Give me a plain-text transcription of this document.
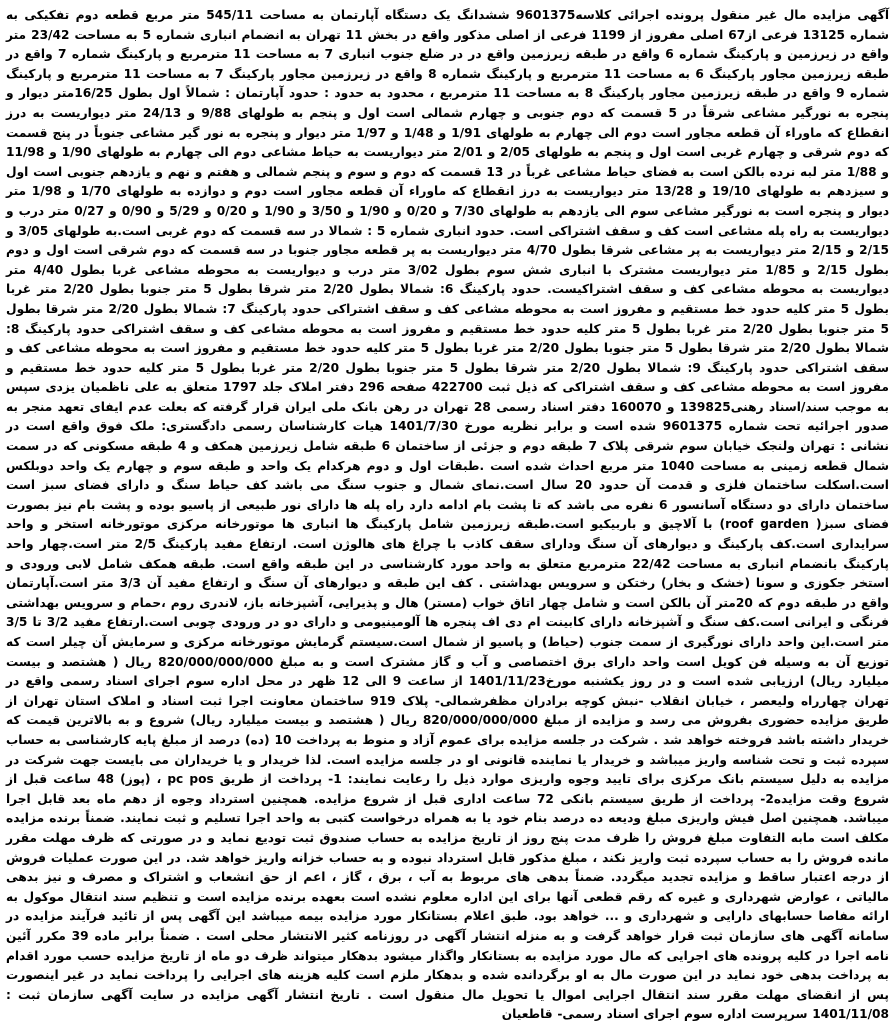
آگهی مزایده مال غیر منقول پرونده اجرائی کلاسه9601375 ششدانگ یک دستگاه آپارتمان به مساحت 545/11 متر مربع قطعه دوم تفکیکی به شماره 13125 فرعی از67 اصلی مفروز از 1199 فرعی از اصلی مذکور واقع در بخش 11 تهران به انضمام انباری شماره 5 به مساحت 23/42 متر واقع در زیرزمین و پارکینگ شماره 6 واقع در طبقه زیرزمین واقع در در ضلع جنوب انباری 7 به مساحت 11 مترمربع و پارکینگ شماره 7 واقع در طبقه زیرزمین مجاور پارکینگ 6 به مساحت 11 مترمربع و پارکینگ شماره 8 واقع در زیرزمین مجاور پارکینگ 7 به مساحت 11 مترمربع و پارکینگ شماره 9 واقع در طبقه زیرزمین مجاور پارکینگ 8 به مساحت 11 مترمربع ، محدود به حدود : حدود آپارتمان : شمالاً اول بطول 16/25متر دیوار و پنجره به نورگیر مشاعی شرقاً در 5 قسمت که دوم جنوبی و چهارم شمالی است اول و پنجم به طولهای 9/88 و 24/13 متر دیواریست به درز انقطاع که ماوراء آن قطعه مجاور است دوم الی چهارم به طولهای 1/91 و 1/48 و 1/97 متر دیوار و پنجره به نور گیر مشاعی جنوباً در پنج قسمت که دوم شرقی و چهارم غربی است اول و پنجم به طولهای 2/05 و 2/01 متر دیواریست به حیاط مشاعی دوم الی چهارم به طولهای 1/90 و 11/98 و 1/88 متر لبه نرده بالکن است به فضای حیاط مشاعی غرباً در 13 قسمت که دوم و سوم و پنجم شمالی و هفتم و نهم و یازدهم جنوبی است اول و سیزدهم به طولهای 19/10 و 13/28 متر دیواریست به درز انقطاع که ماوراء آن قطعه مجاور است دوم و دوازده به طولهای 1/70 و 1/98 متر دیوار و پنجره است به نورگیر مشاعی سوم الی یازدهم به طولهای 7/30 و 0/20 و 1/90 و 3/50 و 1/90 و 0/20 و 5/29 و 0/90 و 0/27 متر درب و دیواریست به راه پله مشاعی است کف و سقف اشتراکی است. حدود انباری شماره 5 : شمالا در سه قسمت که دوم غربی است.به طولهای 3/05 و 2/15 و 2/15 متر دیواریست به پر مشاعی شرقا بطول 4/70 متر دیواریست به پر قطعه مجاور جنوبا در سه قسمت که دوم شرقی است اول و دوم بطول 2/15 و 1/85 متر دیواریست مشترک با انباری شش سوم بطول 3/02 متر درب و دیواریست به محوطه مشاعی غربا بطول 4/40 متر دیواریست به محوطه مشاعی کف و سقف اشتراکیست. حدود پارکینگ 6: شمالا بطول 2/20 متر شرقا بطول 5 متر جنوبا بطول 2/20 متر غربا بطول 5 متر کلیه حدود خط مستقیم و مفروز است به محوطه مشاعی کف و سقف اشتراکی حدود پارکینگ 7: شمالا بطول 2/20 متر شرقا بطول 5 متر جنوبا بطول 2/20 متر غربا بطول 5 متر کلیه حدود خط مستقیم و مفروز است به محوطه مشاعی کف و سقف اشتراکی حدود پارکینگ 8: شمالا بطول 2/20 متر شرقا بطول 5 متر جنوبا بطول 2/20 متر غربا بطول 5 متر کلیه حدود خط مستقیم و مفروز است به محوطه مشاعی کف و سقف اشتراکی حدود پارکینگ 9: شمالا بطول 2/20 متر شرقا بطول 5 متر جنوبا بطول 2/20 متر غربا بطول 5 متر کلیه حدود خط مستقیم و مفروز است به محوطه مشاعی کف و سقف اشتراکی که ذیل ثبت 422700 صفحه 296 دفتر املاک جلد 1797 متعلق به علی ناظمیان یزدی سپس به موجب سند/اسناد رهنی139825 و 160070 دفتر اسناد رسمی 28 تهران در رهن بانک ملی ایران قرار گرفته که بعلت عدم ایفای تعهد منجر به صدور اجرائیه تحت شماره 9601375 شده است و برابر نظریه مورخ 1401/7/30 هیات کارشناسان رسمی دادگستری: ملک فوق واقع است در نشانی : تهران ولنجک خیابان سوم شرقی پلاک 7 طبقه دوم و جزئی از ساختمان 6 طبقه شامل زیرزمین همکف و 4 طبقه مسکونی که در سمت شمال قطعه زمینی به مساحت 1040 متر مربع احداث شده است .طبقات اول و دوم هرکدام یک واحد و طبقه سوم و چهارم یک واحد دوبلکس است.اسکلت ساختمان فلزی و قدمت آن حدود 20 سال است.نمای شمال و جنوب سنگ می باشد کف حیاط سنگ و دارای فضای سبز است ساختمان دارای دو دستگاه آسانسور 6 نفره می باشد که تا پشت بام ادامه دارد راه پله ها دارای نور طبیعی از پاسیو بوده و پشت بام نیز بصورت فضای سبز( roof garden) با آلاچیق و باربیکیو است.طبقه زیرزمین شامل پارکینگ ها انباری ها موتورخانه مرکزی موتورخانه استخر و واحد سرایداری است.کف پارکینگ و دیوارهای آن سنگ ودارای سقف کاذب با چراغ های هالوژن است. ارتفاع مفید پارکینگ 2/5 متر است.چهار واحد پارکینگ بانضمام انباری به مساحت 22/42 مترمربع متعلق به واحد مورد کارشناسی در این طبقه واقع است. طبقه همکف شامل لابی ورودی و استخر جکوزی و سونا (خشک و بخار) رختکن و سرویس بهداشتی . کف این طبقه و دیوارهای آن سنگ و ارتفاع مفید آن 3/3 متر است.آپارتمان واقع در طبقه دوم که 20متر آن بالکن است و شامل چهار اتاق خواب (مستر) هال و پذیرایی، آشپزخانه باز، لاندری روم ،حمام و سرویس بهداشتی فرنگی و ایرانی است.کف سنگ و آشپزخانه دارای کابینت ام دی اف پنجره ها آلومینیومی و دارای دو در ورودی چوبی است.ارتفاع مفید 3/2 تا 3/5 متر است.این واحد دارای نورگیری از سمت جنوب (حیاط) و پاسیو از شمال است.سیستم گرمایش موتورخانه مرکزی و سرمایش آن چیلر است که توزیع آن به وسیله فن کویل است واحد دارای برق اختصاصی و آب و گاز مشترک است و به مبلغ 820/000/000/000 ریال ( هشتصد و بیست میلیارد ریال) ارزیابی شده است و در روز یکشنبه مورخ1401/11/23 از ساعت 9 الی 12 ظهر در محل اداره سوم اجرای اسناد رسمی واقع در تهران چهارراه ولیعصر ، خیابان انقلاب -نبش کوچه برادران مظفرشمالی- پلاک 919 ساختمان معاونت اجرا ثبت اسناد و املاک استان تهران از طریق مزایده حضوری بفروش می رسد و مزایده از مبلغ 820/000/000/000 ریال ( هشتصد و بیست میلیارد ریال) شروع و به بالاترین قیمت که خریدار داشته باشد فروخته خواهد شد . شرکت در جلسه مزایده برای عموم آزاد و منوط به پرداخت 10 (ده) درصد از مبلغ پایه کارشناسی به حساب سپرده ثبت و تحت شناسه واریز میباشد و خریدار یا نماینده قانونی او در جلسه مزایده است. لذا خریدار و یا خریداران می بایست جهت شرکت در مزایده به دلیل سیستم بانک مرکزی برای تایید وجوه واریزی موارد ذیل را رعایت نمایند: 1- پرداخت از طریق pc pos ، (پوز) 48 ساعت قبل از شروع وقت مزایده2- پرداخت از طریق سیستم بانکی 72 ساعت اداری قبل از شروع مزایده. همچنین استرداد وجوه از دهم ماه بعد قابل اجرا میباشد. همچنین اصل فیش واریزی مبلغ ودیعه ده درصد بنام خود یا به همراه درخواست کتبی به واحد اجرا تسلیم و ثبت نمایند. ضمناً برنده مزایده مکلف است مابه التفاوت مبلغ فروش را ظرف مدت پنج روز از تاریخ مزایده به حساب صندوق ثبت تودیع نماید و در صورتی که ظرف مهلت مقرر مانده فروش را به حساب سپرده ثبت واریز نکند ، مبلغ مذکور قابل استرداد نبوده و به حساب خزانه واریز خواهد شد. در این صورت عملیات فروش از درجه اعتبار ساقط و مزایده تجدید میگردد. ضمناً بدهی های مربوط به آب ، برق ، گاز ، اعم از حق انشعاب و اشتراک و مصرف و نیز بدهی مالیاتی ، عوارض شهرداری و غیره که رقم قطعی آنها برای این اداره معلوم نشده است بعهده برنده مزایده است و تنظیم سند انتقال موکول به ارائه مفاصا حسابهای دارایی و شهرداری و ... خواهد بود. طبق اعلام بستانکار مورد مزایده بیمه میباشد این آگهی پس از تائید فرآیند مزایده در سامانه آگهی های سازمان ثبت قرار خواهد گرفت و به منزله انتشار آگهی در روزنامه کثیر الانتشار محلی است . ضمناً برابر ماده 39 مکرر آئین نامه اجرا در کلیه پرونده های اجرایی که مال مورد مزایده به بستانکار واگذار میشود بدهکار میتواند ظرف دو ماه از تاریخ مزایده حسب مورد اقدام به پرداخت بدهی خود نماید در این صورت مال به او برگردانده شده و بدهکار ملزم است کلیه هزینه های اجرایی را پرداخت نماید در غیر اینصورت پس از انقضای مهلت مقرر سند انتقال اجرایی اموال یا تحویل مال منقول است . تاریخ انتشار آگهی مزایده در سایت آگهی سازمان ثبت : 1401/11/08 سرپرست اداره سوم اجرای اسناد رسمی- قاطعیان
